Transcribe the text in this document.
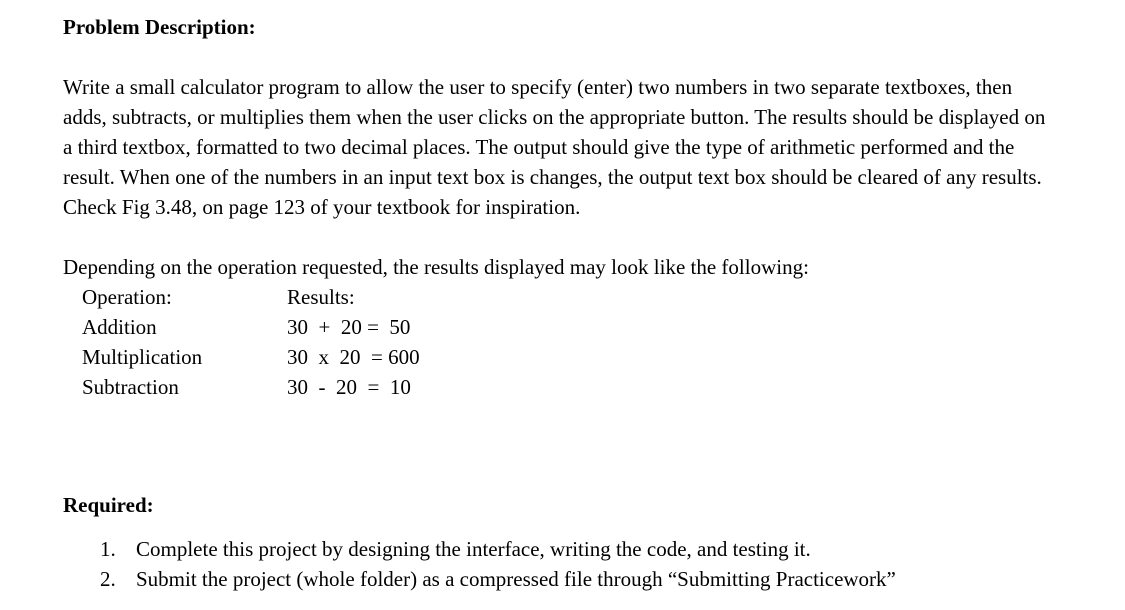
Problem Description:
Write a small calculator program to allow the user to specify (enter) two numbers in two separate textboxes, then adds, subtracts, or multiplies them when the user clicks on the appropriate button. The results should be displayed on a third textbox, formatted to two decimal places. The output should give the type of arithmetic performed and the result. When one of the numbers in an input text box is changes, the output text box should be cleared of any results. Check Fig 3.48, on page 123 of your textbook for inspiration.
Depending on the operation requested, the results displayed may look like the following:
Operation:	Results:
Addition	30  +  20 =  50
Multiplication	30  x  20  = 600
Subtraction	30  -  20  =  10
Required:
1. Complete this project by designing the interface, writing the code, and testing it.
2. Submit the project (whole folder) as a compressed file through “Submitting Practicework”
